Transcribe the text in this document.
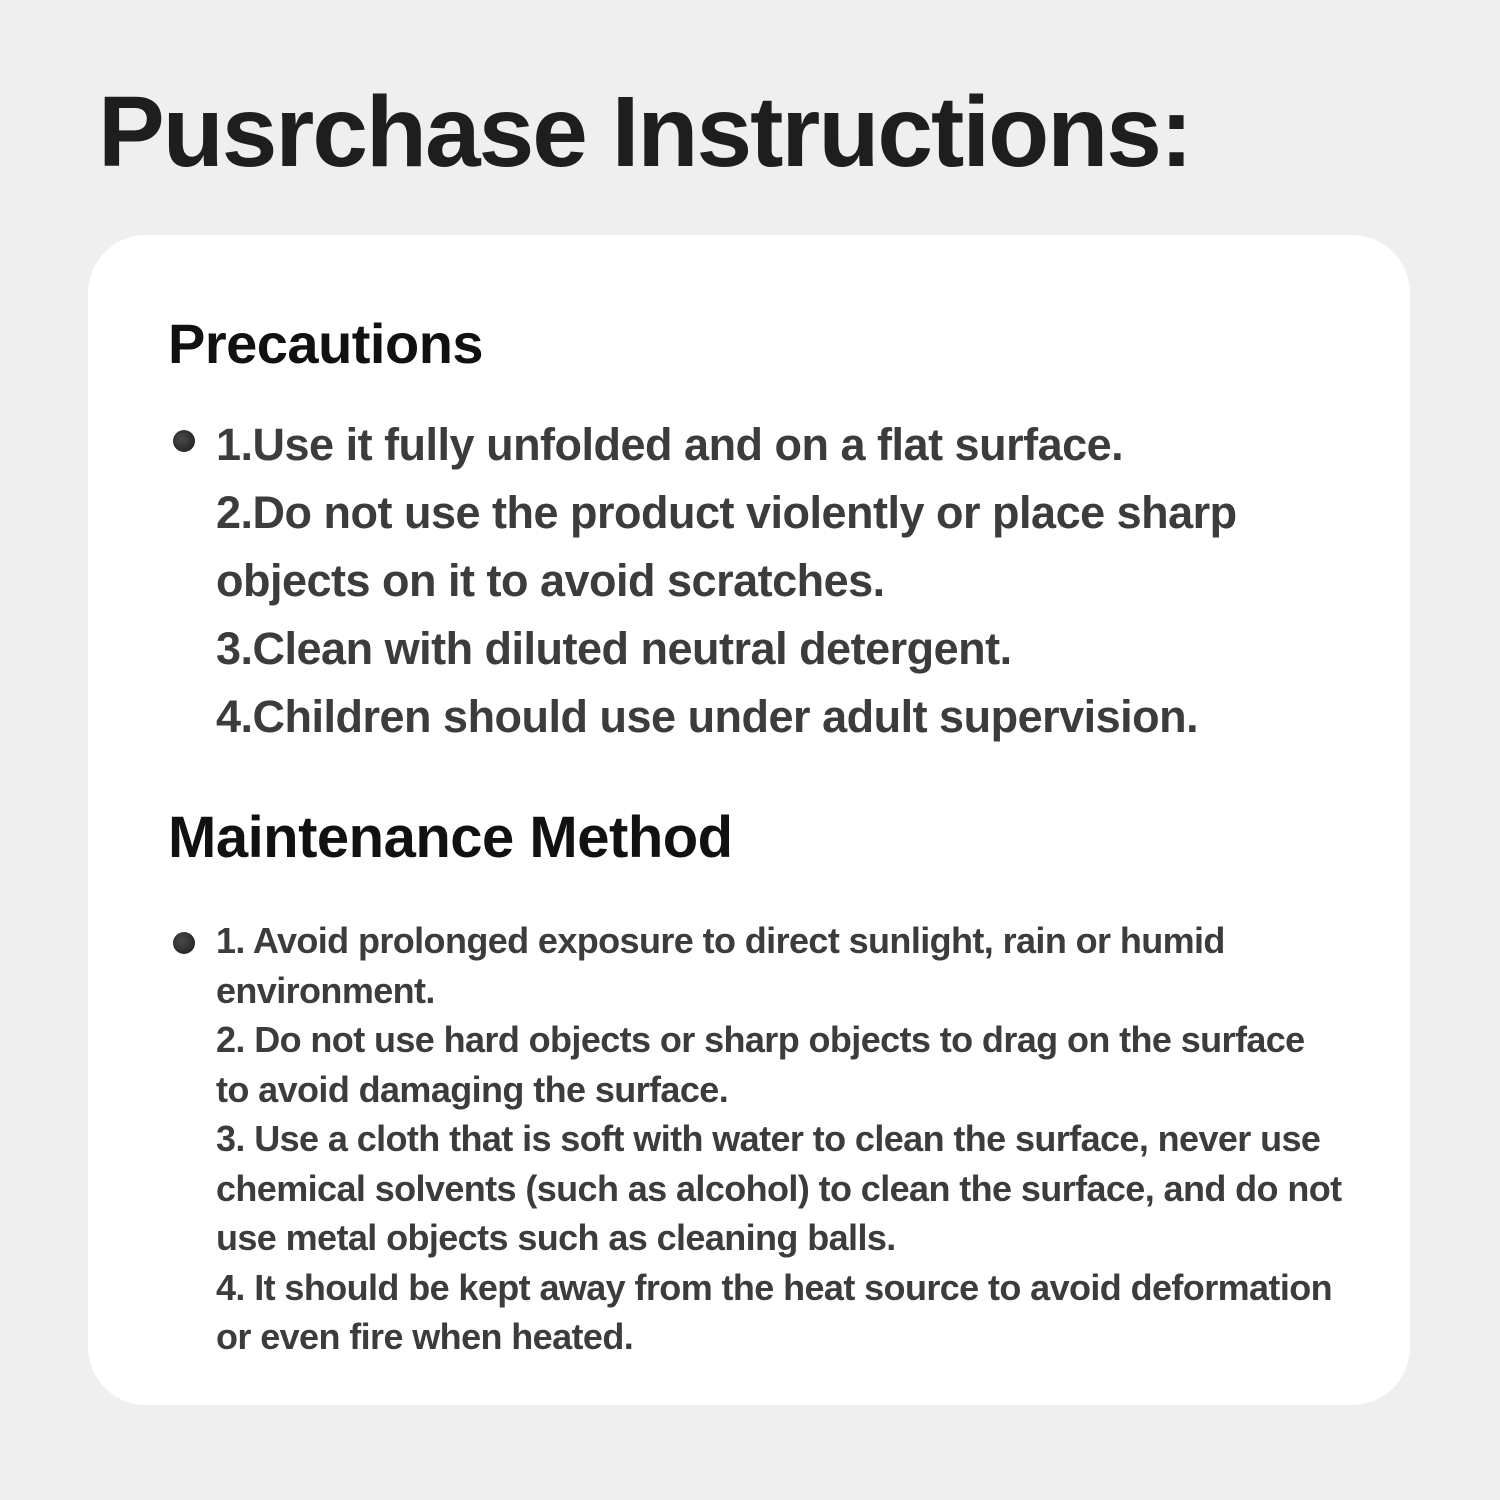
Pusrchase Instructions:
Precautions
1.Use it fully unfolded and on a flat surface.
2.Do not use the product violently or place sharp objects on it to avoid scratches.
3.Clean with diluted neutral detergent.
4.Children should use under adult supervision.
Maintenance Method
1. Avoid prolonged exposure to direct sunlight, rain or humid environment.
2. Do not use hard objects or sharp objects to drag on the surface to avoid damaging the surface.
3. Use a cloth that is soft with water to clean the surface, never use chemical solvents (such as alcohol) to clean the surface, and do not use metal objects such as cleaning balls.
4. It should be kept away from the heat source to avoid deformation or even fire when heated.
